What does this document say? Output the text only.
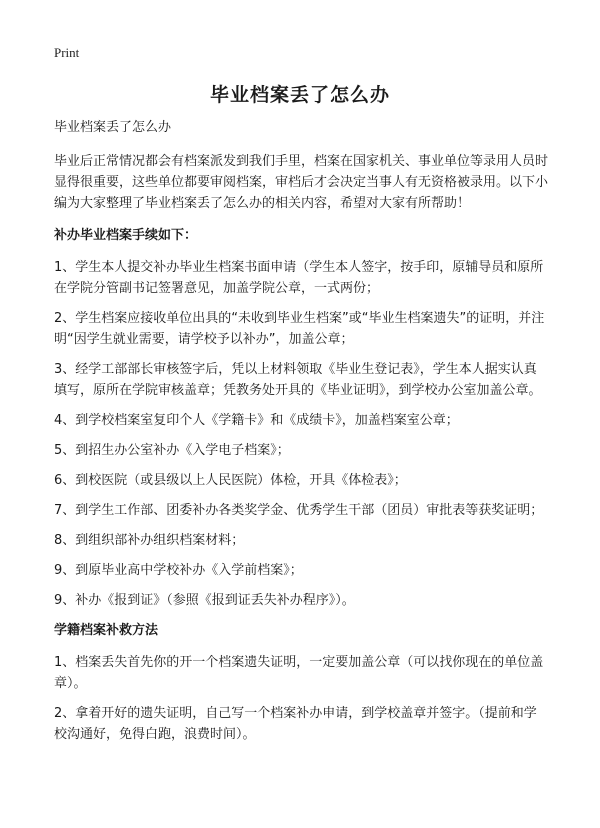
Print
毕业档案丢了怎么办

毕业档案丢了怎么办

毕业后正常情况都会有档案派发到我们手里，档案在国家机关、事业单位等录用人员时显得很重要，这些单位都要审阅档案，审档后才会决定当事人有无资格被录用。以下小编为大家整理了毕业档案丢了怎么办的相关内容，希望对大家有所帮助！

补办毕业档案手续如下：

1、学生本人提交补办毕业生档案书面申请（学生本人签字，按手印，原辅导员和原所在学院分管副书记签署意见，加盖学院公章，一式两份；

2、学生档案应接收单位出具的“未收到毕业生档案”或“毕业生档案遗失”的证明，并注明“因学生就业需要，请学校予以补办”，加盖公章；

3、经学工部部长审核签字后，凭以上材料领取《毕业生登记表》，学生本人据实认真填写，原所在学院审核盖章；凭教务处开具的《毕业证明》，到学校办公室加盖公章。

4、到学校档案室复印个人《学籍卡》和《成绩卡》，加盖档案室公章；

5、到招生办公室补办《入学电子档案》；

6、到校医院（或县级以上人民医院）体检，开具《体检表》；

7、到学生工作部、团委补办各类奖学金、优秀学生干部（团员）审批表等获奖证明；

8、到组织部补办组织档案材料；

9、到原毕业高中学校补办《入学前档案》；

9、补办《报到证》（参照《报到证丢失补办程序》）。

学籍档案补救方法

1、档案丢失首先你的开一个档案遗失证明，一定要加盖公章（可以找你现在的单位盖章）。

2、拿着开好的遗失证明，自己写一个档案补办申请，到学校盖章并签字。（提前和学校沟通好，免得白跑，浪费时间）。
